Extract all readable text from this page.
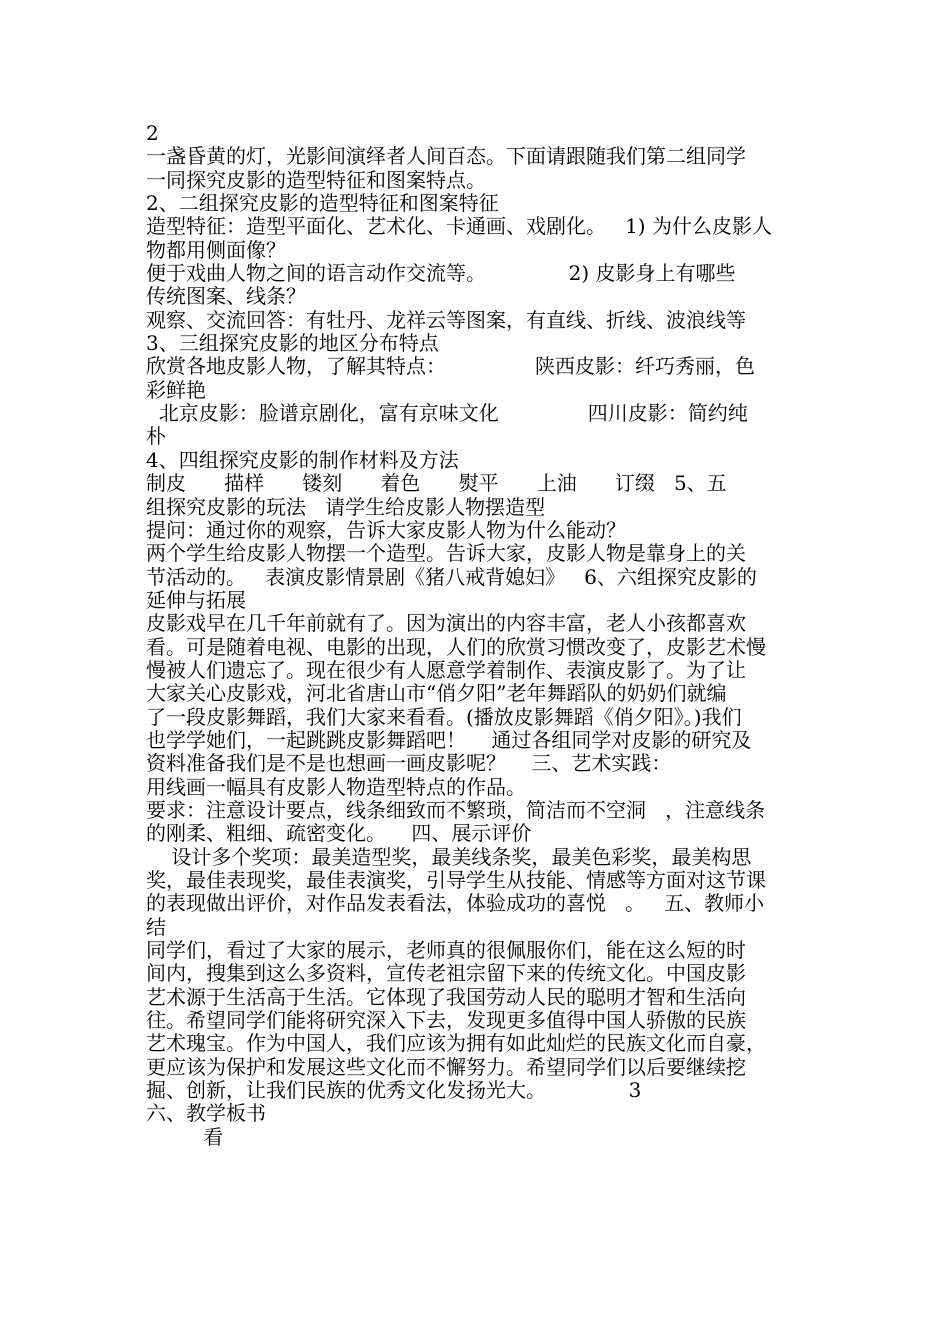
2
一盏昏黄的灯，光影间演绎者人间百态。下面请跟随我们第二组同学
一同探究皮影的造型特征和图案特点。
2、二组探究皮影的造型特征和图案特征
造型特征：造型平面化、艺术化、卡通画、戏剧化。   1) 为什么皮影人
物都用侧面像？
便于戏曲人物之间的语言动作交流等。             2) 皮影身上有哪些
传统图案、线条？
观察、交流回答：有牡丹、龙祥云等图案，有直线、折线、波浪线等
3、三组探究皮影的地区分布特点
欣赏各地皮影人物，了解其特点：              陕西皮影：纤巧秀丽，色
彩鲜艳
北京皮影：脸谱京剧化，富有京味文化              四川皮影：简约纯
朴
4、四组探究皮影的制作材料及方法
制皮      描样      镂刻      着色      熨平      上油      订缀   5、五
组探究皮影的玩法   请学生给皮影人物摆造型
提问：通过你的观察，告诉大家皮影人物为什么能动？
两个学生给皮影人物摆一个造型。告诉大家，皮影人物是靠身上的关
节活动的。   表演皮影情景剧《猪八戒背媳妇》   6、六组探究皮影的
延伸与拓展
皮影戏早在几千年前就有了。因为演出的内容丰富，老人小孩都喜欢
看。可是随着电视、电影的出现，人们的欣赏习惯改变了，皮影艺术慢
慢被人们遗忘了。现在很少有人愿意学着制作、表演皮影了。为了让
大家关心皮影戏，河北省唐山市“俏夕阳”老年舞蹈队的奶奶们就编
了一段皮影舞蹈，我们大家来看看。(播放皮影舞蹈《俏夕阳》。)我们
也学学她们，一起跳跳皮影舞蹈吧！    通过各组同学对皮影的研究及
资料准备我们是不是也想画一画皮影呢？    三、艺术实践：
用线画一幅具有皮影人物造型特点的作品。
要求：注意设计要点，线条细致而不繁琐，简洁而不空洞   ，注意线条
的刚柔、粗细、疏密变化。    四、展示评价
设计多个奖项：最美造型奖，最美线条奖，最美色彩奖，最美构思
奖，最佳表现奖，最佳表演奖，引导学生从技能、情感等方面对这节课
的表现做出评价，对作品发表看法，体验成功的喜悦   。   五、教师小
结
同学们，看过了大家的展示，老师真的很佩服你们，能在这么短的时
间内，搜集到这么多资料，宣传老祖宗留下来的传统文化。中国皮影
艺术源于生活高于生活。它体现了我国劳动人民的聪明才智和生活向
往。希望同学们能将研究深入下去，发现更多值得中国人骄傲的民族
艺术瑰宝。作为中国人，我们应该为拥有如此灿烂的民族文化而自豪，
更应该为保护和发展这些文化而不懈努力。希望同学们以后要继续挖
掘、创新，让我们民族的优秀文化发扬光大。             3
六、教学板书
看
